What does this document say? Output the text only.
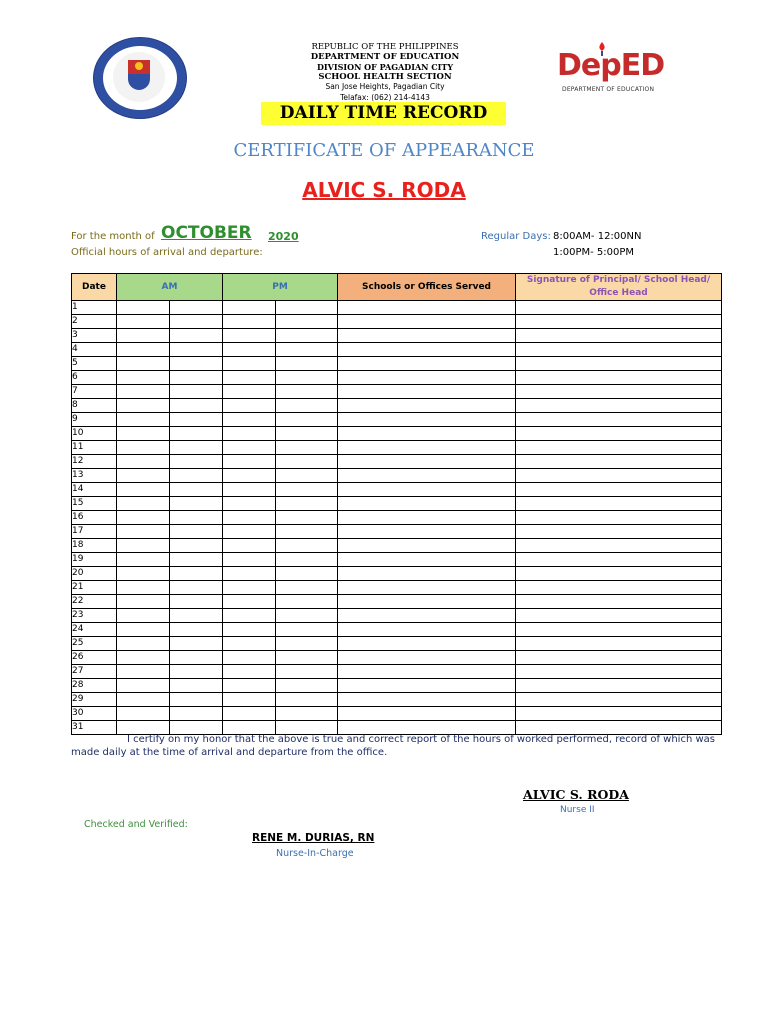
REPUBLIC OF THE PHILIPPINES
DEPARTMENT OF EDUCATION
DIVISION OF PAGADIAN CITY
SCHOOL HEALTH SECTION
San Jose Heights, Pagadian City
Telafax: (062) 214-4143
DepED
DEPARTMENT OF EDUCATION
DAILY TIME RECORD
CERTIFICATE OF APPEARANCE
ALVIC S. RODA
For the month of OCTOBER 2020
Official hours of arrival and departure:
Regular Days: 8:00AM- 12:00NN
1:00PM- 5:00PM
Date	AM		PM		Schools or Offices Served	Signature of Principal/ School Head/ Office Head
1						
2						
3						
4						
5						
6						
7						
8						
9						
10						
11						
12						
13						
14						
15						
16						
17						
18						
19						
20						
21						
22						
23						
24						
25						
26						
27						
28						
29						
30						
31						
I certify on my honor that the above is true and correct report of the hours of worked performed, record of which was made daily at the time of arrival and departure from the office.
ALVIC S. RODA
Nurse II
Checked and Verified:
RENE M. DURIAS, RN
Nurse-In-Charge
